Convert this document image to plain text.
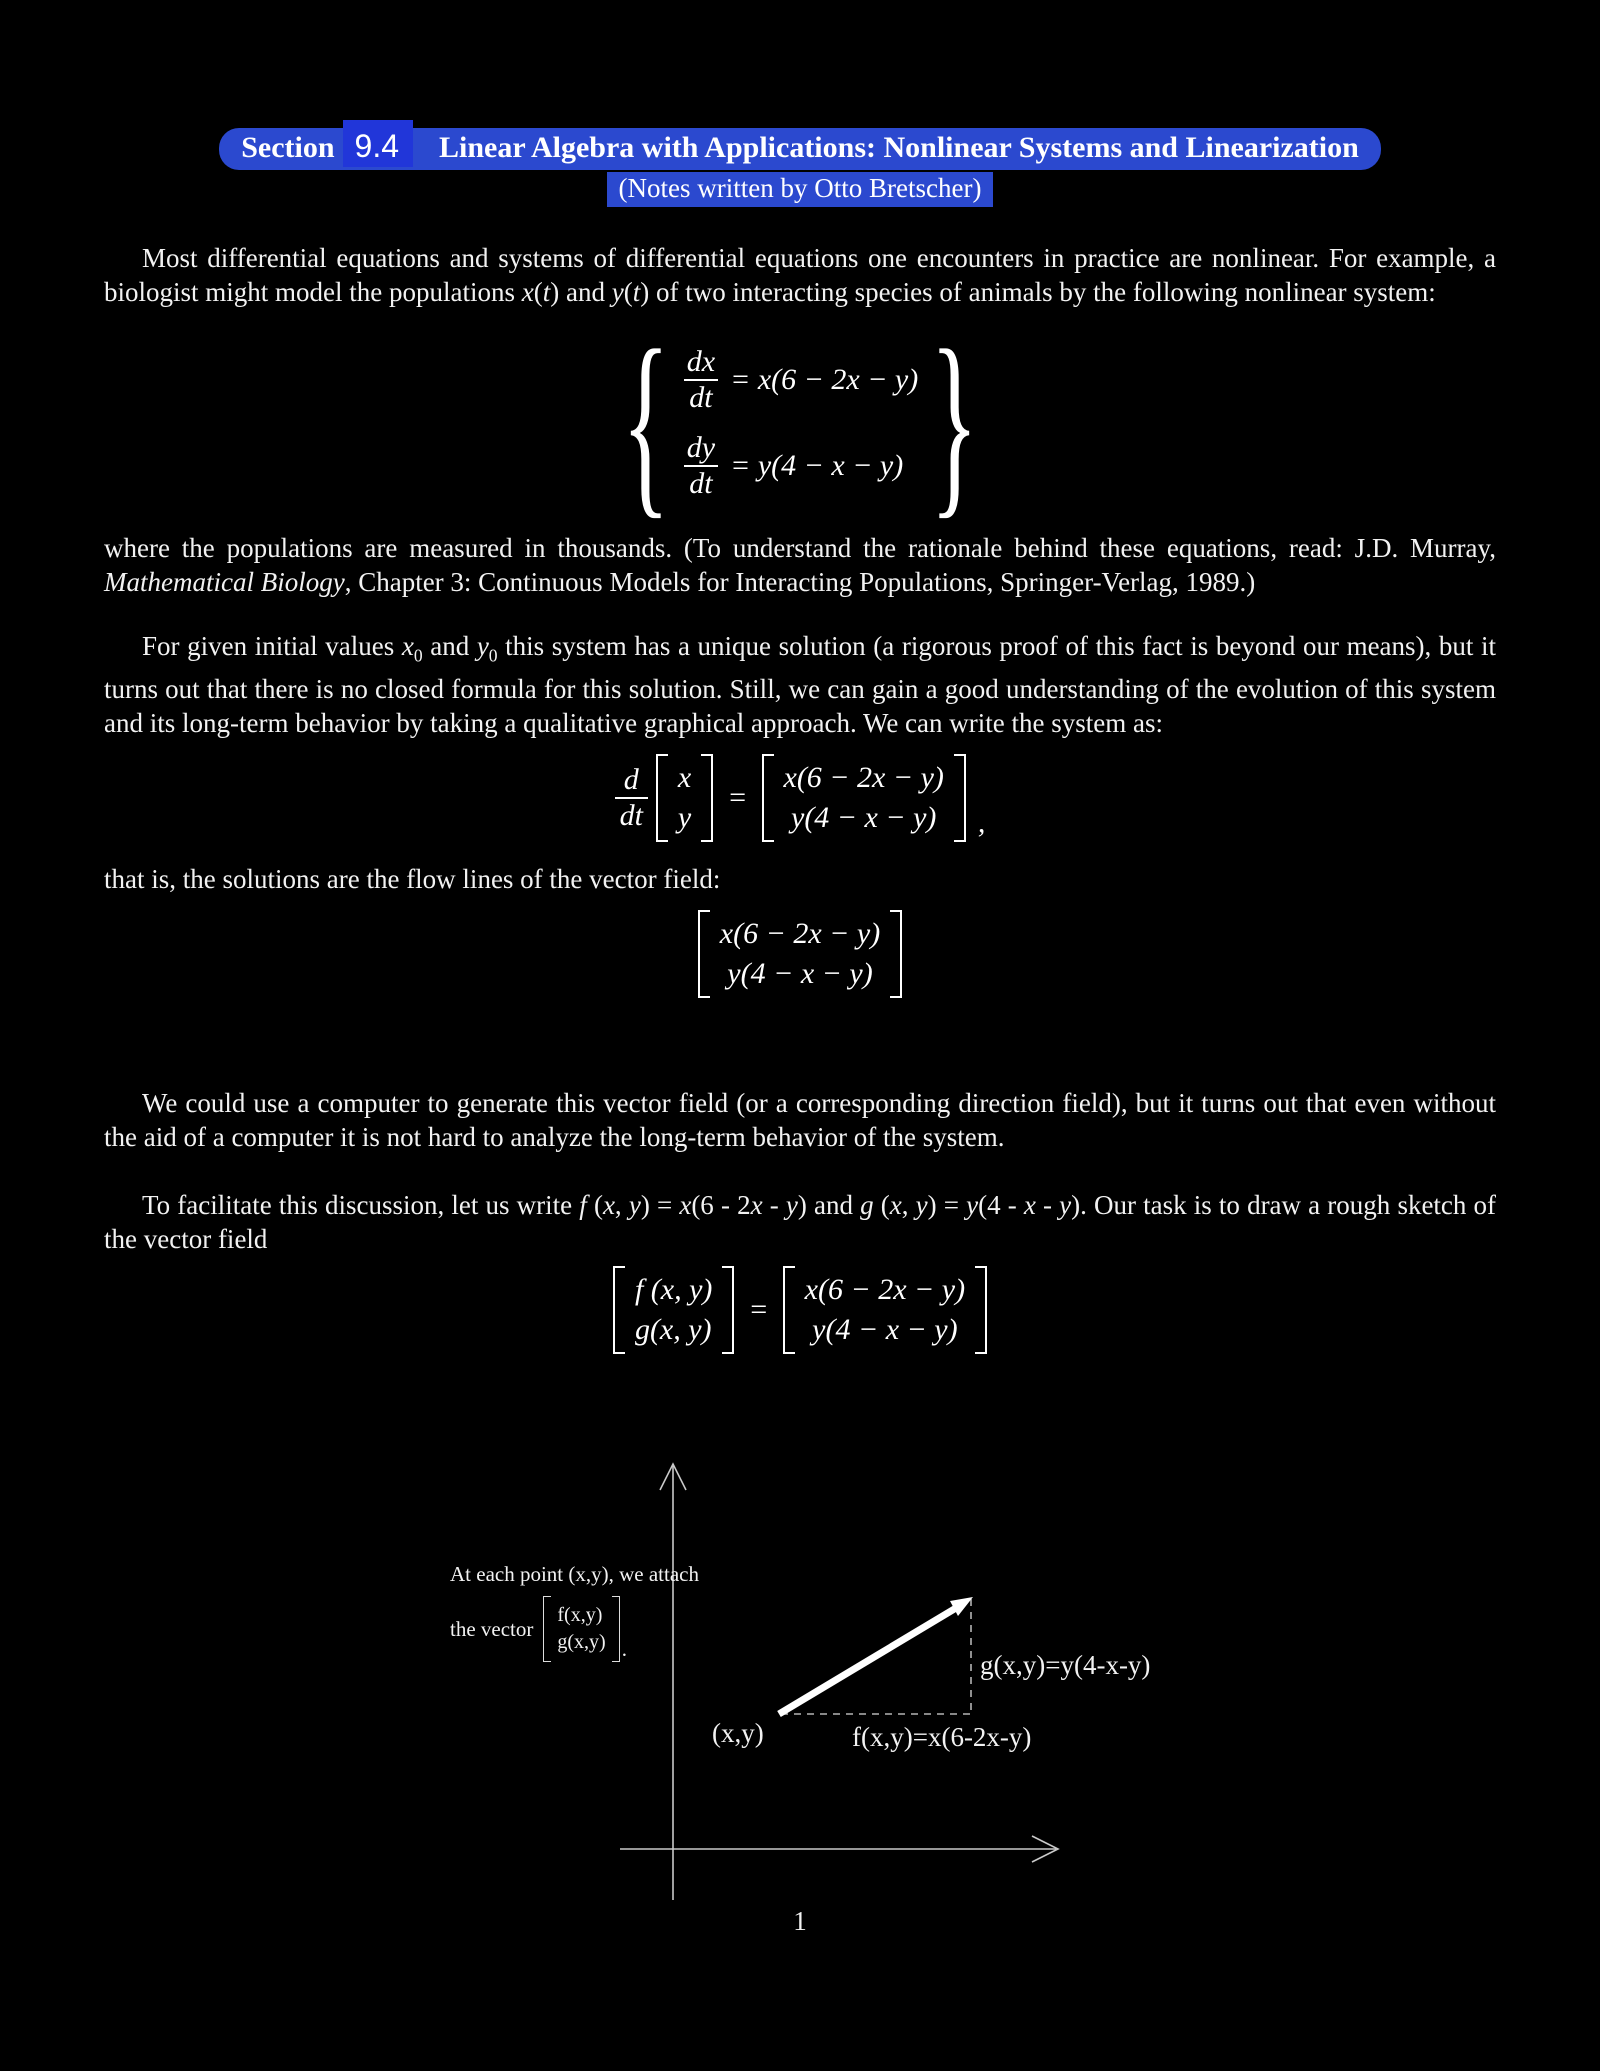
Section 9.4	Linear Algebra with Applications: Nonlinear Systems and Linearization
(Notes written by Otto Bretscher)

Most differential equations and systems of differential equations one encounters in practice are nonlinear. For example, a biologist might model the populations x(t) and y(t) of two interacting species of animals by the following nonlinear system:

{ $\frac{dx}{dt} = x(6 - 2x - y)$
$\frac{dy}{dt} = y(4 - x - y)$ }

where the populations are measured in thousands. (To understand the rationale behind these equations, read: J.D. Murray, Mathematical Biology, Chapter 3: Continuous Models for Interacting Populations, Springer-Verlag, 1989.)

For given initial values $x_0$ and $y_0$ this system has a unique solution (a rigorous proof of this fact is beyond our means), but it turns out that there is no closed formula for this solution. Still, we can gain a good understanding of the evolution of this system and its long-term behavior by taking a qualitative graphical approach. We can write the system as:

$\frac{d}{dt}$ x
y
=
x(6 − 2x − y)
y(4 − x − y) ,

that is, the solutions are the flow lines of the vector field:

x(6 − 2x − y)
y(4 − x − y)

We could use a computer to generate this vector field (or a corresponding direction field), but it turns out that even without the aid of a computer it is not hard to analyze the long-term behavior of the system.

To facilitate this discussion, let us write f (x, y) = x(6 - 2x - y) and g (x, y) = y(4 - x - y). Our task is to draw a rough sketch of the vector field

f (x, y)
g(x, y)
=
x(6 − 2x − y)
y(4 − x − y)
At each point (x,y), we attach
the vector
f(x,y)
g(x,y) .
(x,y)	f(x,y)=x(6-2x-y)
g(x,y)=y(4-x-y)
1
